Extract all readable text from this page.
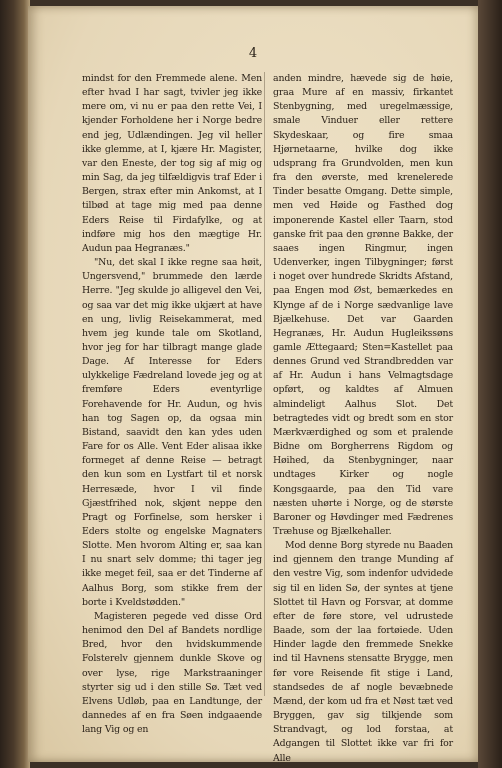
4

mindst for den Fremmede alene. Men efter hvad I har sagt, tvivler jeg ikke mere om, vi nu er paa den rette Vei, I kjender Forholdene her i Norge bedre end jeg, Udlændingen. Jeg vil heller ikke glemme, at I, kjære Hr. Magister, var den Eneste, der tog sig af mig og min Sag, da jeg tilfældigvis traf Eder i Bergen, strax efter min Ankomst, at I tilbød at tage mig med paa denne Eders Reise til Firdafylke, og at indføre mig hos den mægtige Hr. Audun paa Hegranæs."

"Nu, det skal I ikke regne saa høit, Ungersvend," brummede den lærde Herre. "Jeg skulde jo alligevel den Vei, og saa var det mig ikke ukjært at have en ung, livlig Reisekammerat, med hvem jeg kunde tale om Skotland, hvor jeg for har tilbragt mange glade Dage. Af Interesse for Eders ulykkelige Fædreland lovede jeg og at fremføre Eders eventyrlige Forehavende for Hr. Audun, og hvis han tog Sagen op, da ogsaa min Bistand, saavidt den kan ydes uden Fare for os Alle. Vent Eder alisaa ikke formeget af denne Reise — betragt den kun som en Lystfart til et norsk Herresæde, hvor I vil finde Gjæstfrihed nok, skjønt neppe den Pragt og Forfinelse, som hersker i Eders stolte og engelske Magnaters Slotte. Men hvorom Alting er, saa kan I nu snart selv domme; thi tager jeg ikke meget feil, saa er det Tinderne af Aalhus Borg, som stikke frem der borte i Kveldstødden."

Magisteren pegede ved disse Ord henimod den Del af Bandets nordlige Bred, hvor den hvidskummende Folsterelv gjennem dunkle Skove og over lyse, rige Markstraaninger styrter sig ud i den stille Sø. Tæt ved Elvens Udløb, paa en Landtunge, der dannedes af en fra Søen indgaaende lang Vig og en

anden mindre, hævede sig de høie, graa Mure af en massiv, firkantet Stenbygning, med uregelmæssige, smale Vinduer eller rettere Skydeskaar, og fire smaa Hjørnetaarne, hvilke dog ikke udsprang fra Grundvolden, men kun fra den øverste, med krenelerede Tinder besatte Omgang. Dette simple, men ved Høide og Fasthed dog imponerende Kastel eller Taarn, stod ganske frit paa den grønne Bakke, der saaes ingen Ringmur, ingen Udenverker, ingen Tilbygninger; først i noget over hundrede Skridts Afstand, paa Engen mod Øst, bemærkedes en Klynge af de i Norge sædvanlige lave Bjælkehuse. Det var Gaarden Hegranæs, Hr. Audun Hugleikssøns gamle Ættegaard; Sten=Kastellet paa dennes Grund ved Strandbredden var af Hr. Audun i hans Velmagtsdage opført, og kaldtes af Almuen almindeligt Aalhus Slot. Det betragtedes vidt og bredt som en stor Mærkværdighed og som et pralende Bidne om Borgherrens Rigdom og Høihed, da Stenbygninger, naar undtages Kirker og nogle Kongsgaarde, paa den Tid vare næsten uhørte i Norge, og de største Baroner og Høvdinger med Fædrenes Træhuse og Bjælkehaller.

Mod denne Borg styrede nu Baaden ind gjennem den trange Munding af den vestre Vig, som indenfor udvidede sig til en liden Sø, der syntes at tjene Slottet til Havn og Forsvar, at domme efter de føre store, vel udrustede Baade, som der laa fortøiede. Uden Hinder lagde den fremmede Snekke ind til Havnens stensatte Brygge, men før vore Reisende fit stige i Land, standsedes de af nogle bevæbnede Mænd, der kom ud fra et Nøst tæt ved Bryggen, gav sig tilkjende som Strandvagt, og lod forstaa, at Adgangen til Slottet ikke var fri for Alle
